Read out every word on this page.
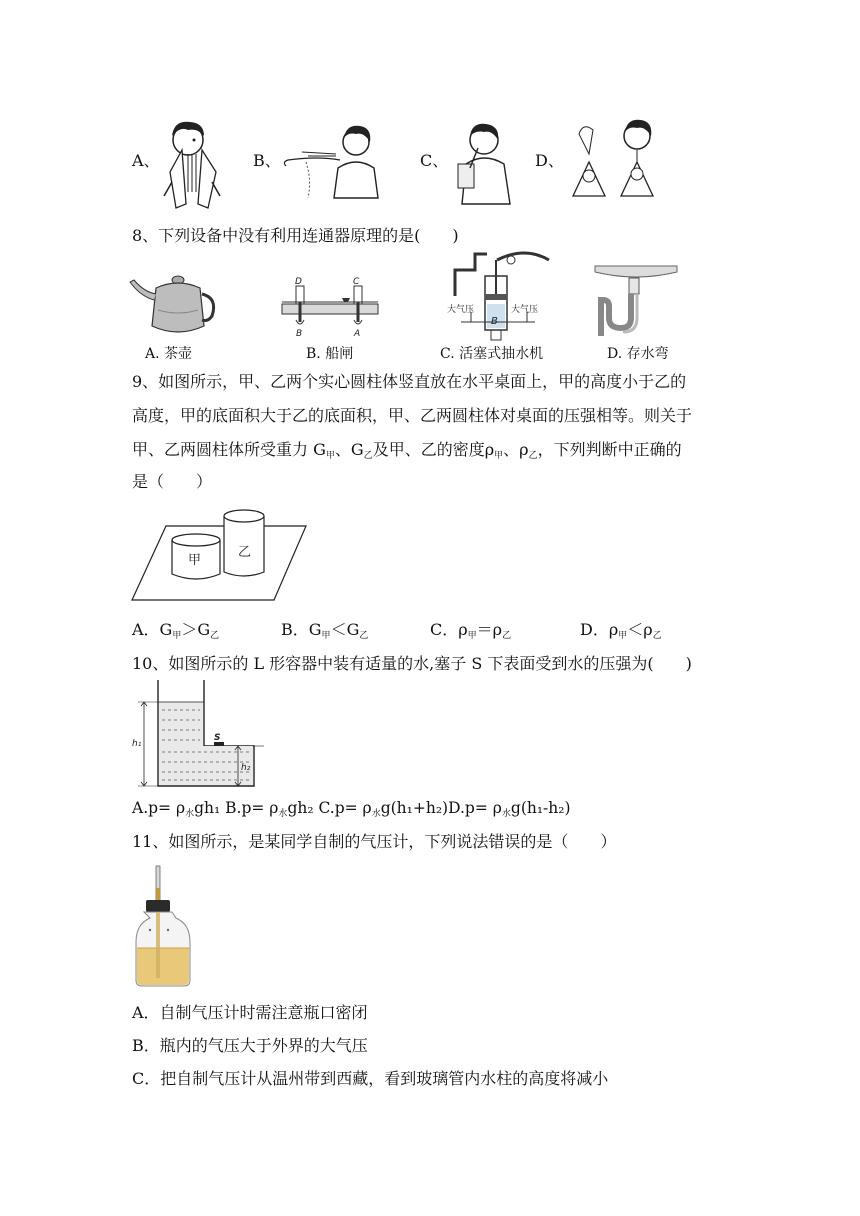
A、	B、	C、	D、
8、下列设备中没有利用连通器原理的是(　　)
A. 茶壶
D	C
B	A
B. 船闸
大气压	大气压
B
C. 活塞式抽水机	D. 存水弯
9、如图所示，甲、乙两个实心圆柱体竖直放在水平桌面上，甲的高度小于乙的
高度，甲的底面积大于乙的底面积，甲、乙两圆柱体对桌面的压强相等。则关于
甲、乙两圆柱体所受重力 $G_甲$、$G_乙$及甲、乙的密度$\rho_甲$、$\rho_乙$，下列判断中正确的
是（　　）
甲
乙
A．$G_甲>G_乙$	B．$G_甲<G_乙$	C．$\rho_甲=\rho_乙$	D．$\rho_甲<\rho_乙$
10、如图所示的 L 形容器中装有适量的水,塞子 S 下表面受到水的压强为(　　)
S
h₁
h₂
$A.p= \rho_水gh_1$ $B.p= \rho_水gh_2$ $C.p= \rho_水g(h_1+h_2)D.p= \rho_水g(h_1-h_2)$
11、如图所示，是某同学自制的气压计，下列说法错误的是（　　）
A．自制气压计时需注意瓶口密闭
B．瓶内的气压大于外界的大气压
C．把自制气压计从温州带到西藏，看到玻璃管内水柱的高度将减小
